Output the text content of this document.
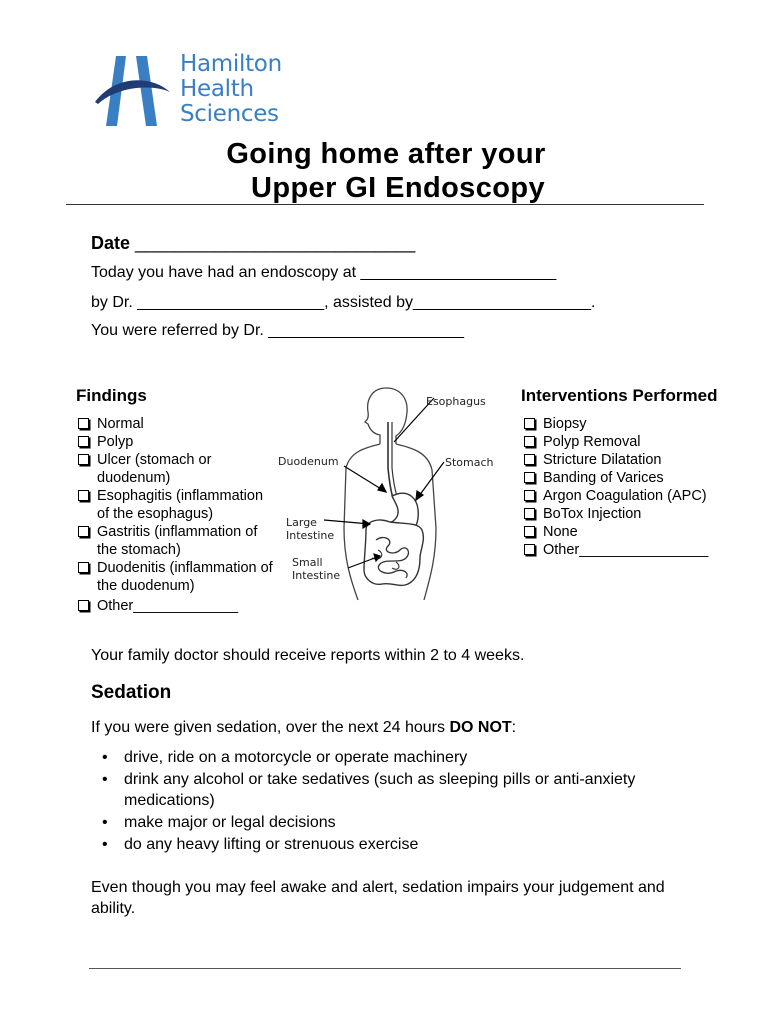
Hamilton
Health
Sciences
Going home after your
Upper GI Endoscopy
Date ____________________________
Today you have had an endoscopy at ______________________
by Dr. _____________________, assisted by____________________.
You were referred by Dr. ______________________
Findings
Normal
Polyp
Ulcer (stomach or duodenum)
Esophagitis (inflammation of the esophagus)
Gastritis (inflammation of the stomach)
Duodenitis (inflammation of the duodenum)
Other_____________
Esophagus
Duodenum	Stomach
Large
Intestine
Small
Intestine
Interventions Performed
Biopsy
Polyp Removal
Stricture Dilatation
Banding of Varices
Argon Coagulation (APC)
BoTox Injection
None
Other________________
Your family doctor should receive reports within 2 to 4 weeks.
Sedation
If you were given sedation, over the next 24 hours DO NOT:
• drive, ride on a motorcycle or operate machinery
• drink any alcohol or take sedatives (such as sleeping pills or anti-anxiety medications)
• make major or legal decisions
• do any heavy lifting or strenuous exercise
Even though you may feel awake and alert, sedation impairs your judgement and ability.
